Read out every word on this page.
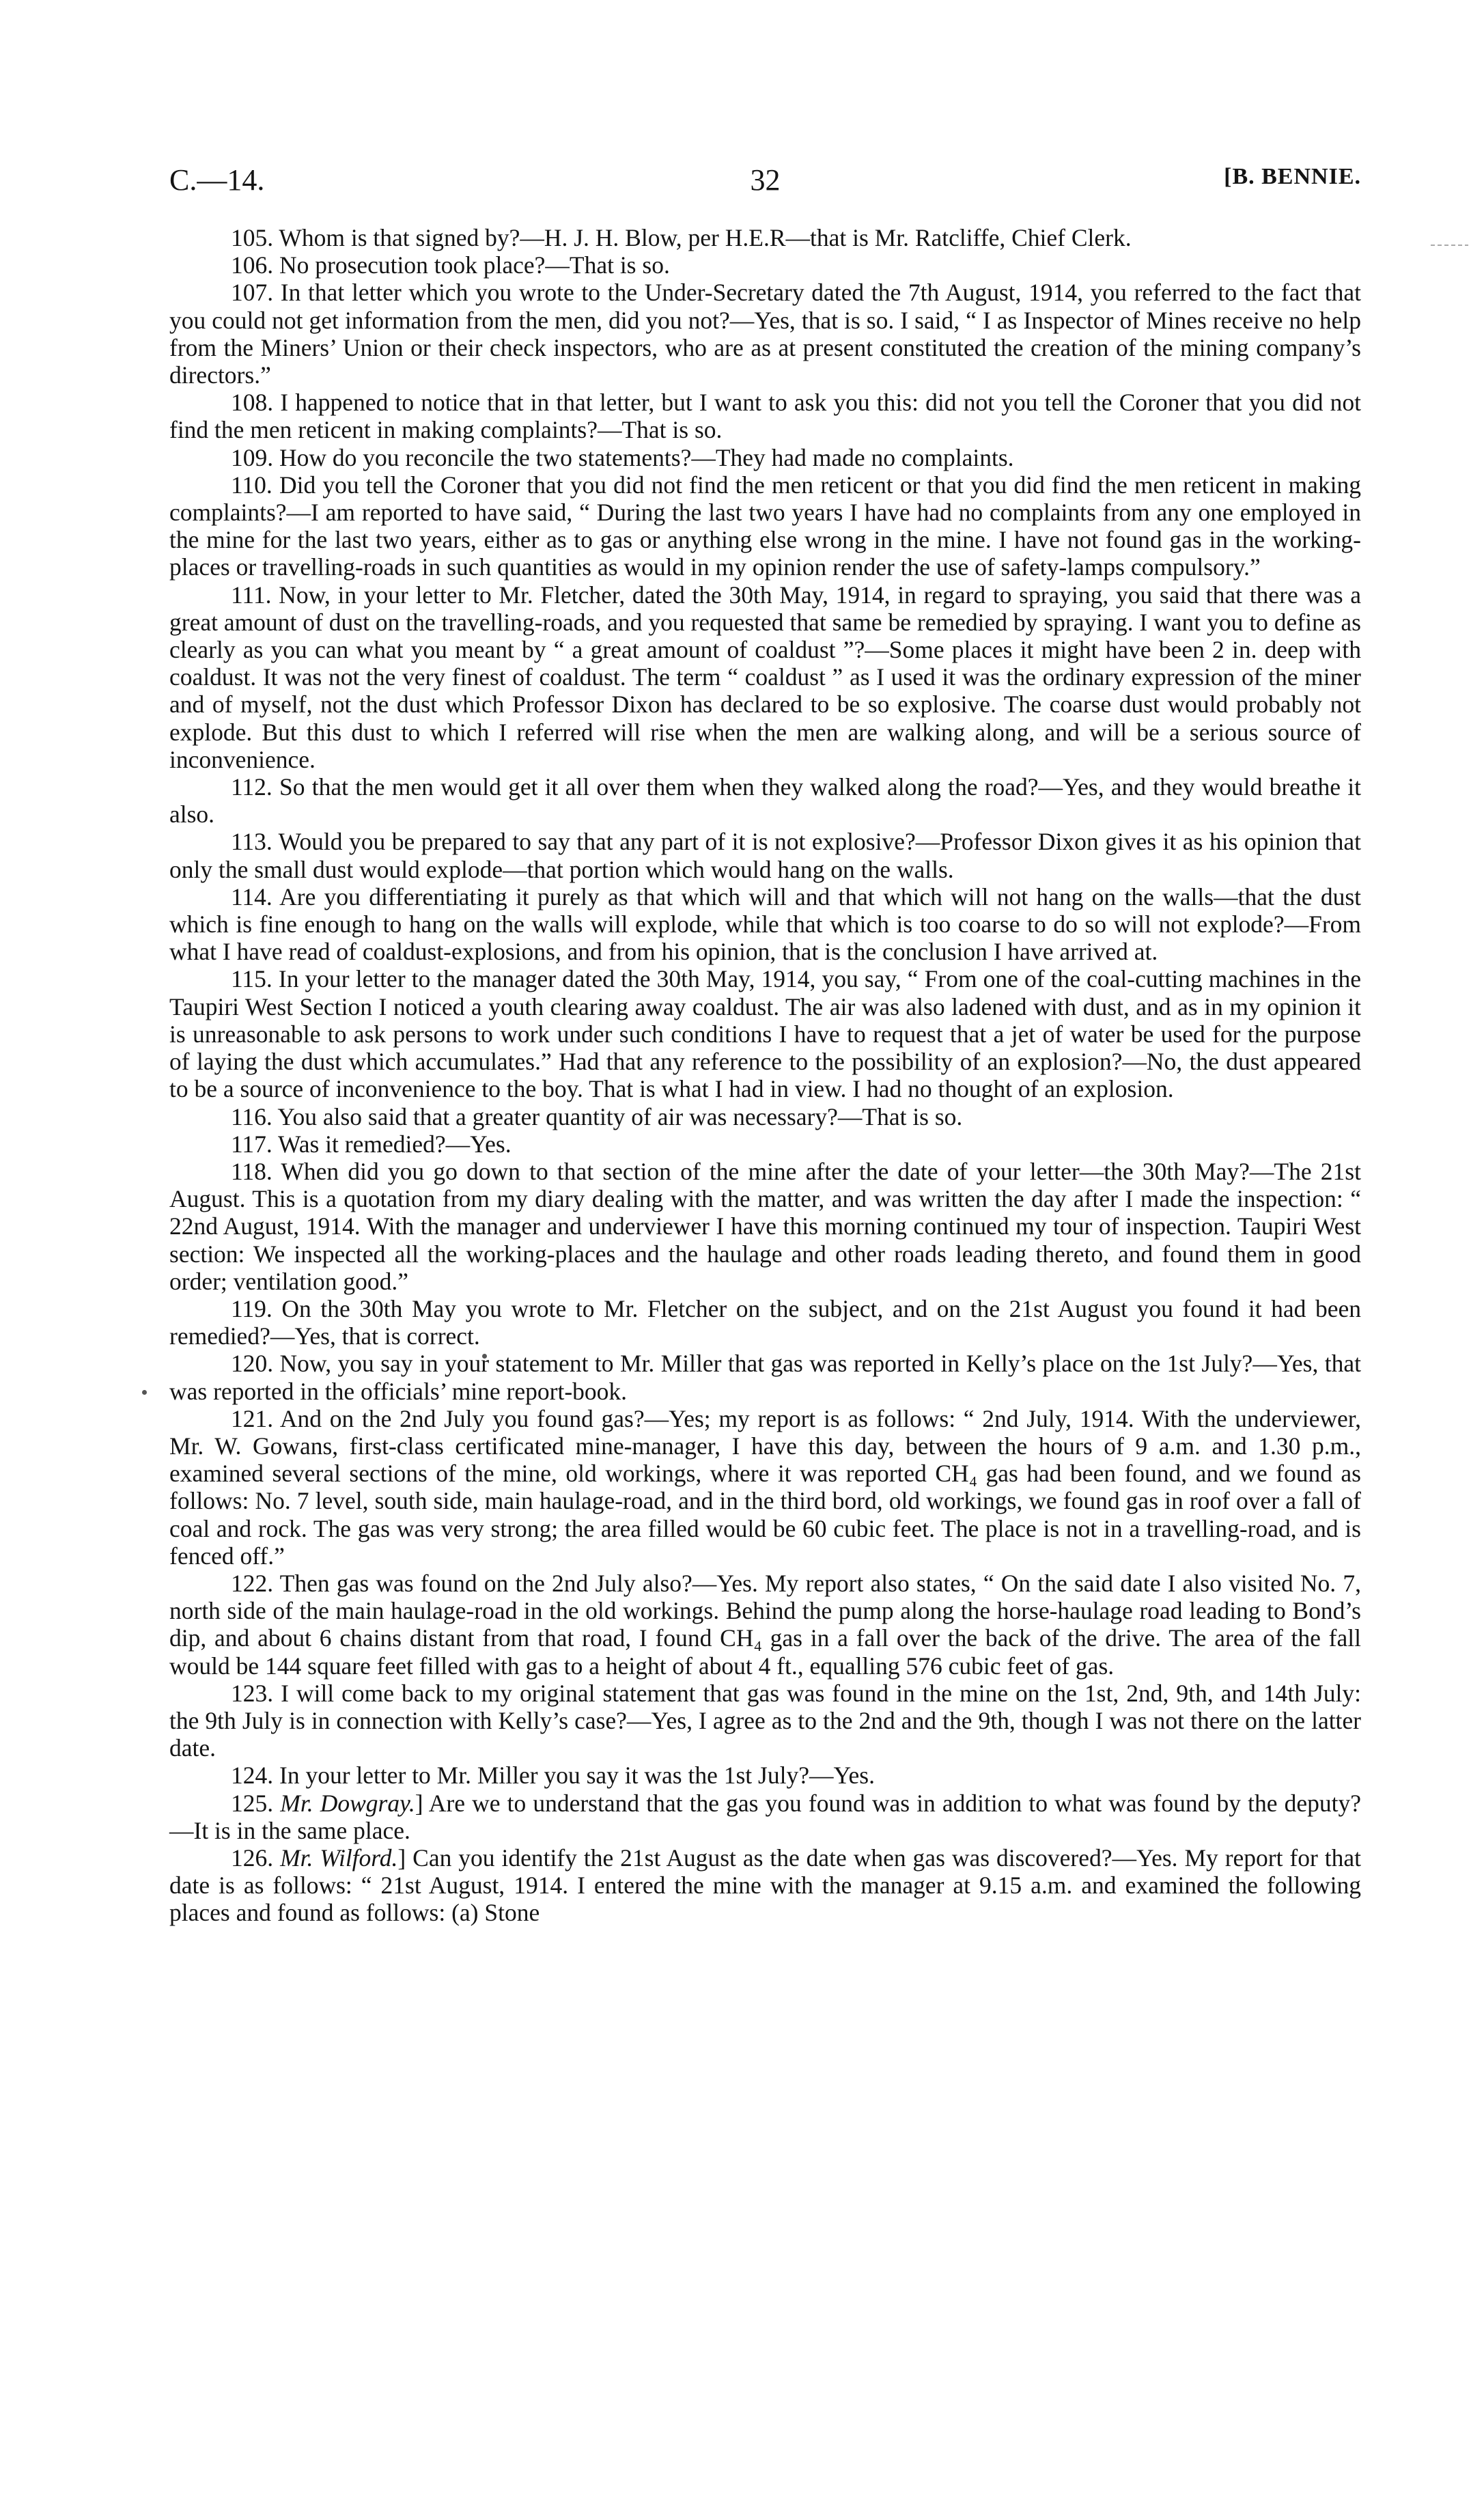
C.—14.	32	[B. BENNIE.

105. Whom is that signed by?—H. J. H. Blow, per H.E.R—that is Mr. Ratcliffe, Chief Clerk.

106. No prosecution took place?—That is so.

107. In that letter which you wrote to the Under-Secretary dated the 7th August, 1914, you referred to the fact that you could not get information from the men, did you not?—Yes, that is so. I said, “ I as Inspector of Mines receive no help from the Miners’ Union or their check inspectors, who are as at present constituted the creation of the mining company’s directors.”

108. I happened to notice that in that letter, but I want to ask you this: did not you tell the Coroner that you did not find the men reticent in making complaints?—That is so.

109. How do you reconcile the two statements?—They had made no complaints.

110. Did you tell the Coroner that you did not find the men reticent or that you did find the men reticent in making complaints?—I am reported to have said, “ During the last two years I have had no complaints from any one employed in the mine for the last two years, either as to gas or anything else wrong in the mine. I have not found gas in the working-places or travelling-roads in such quantities as would in my opinion render the use of safety-lamps compulsory.”

111. Now, in your letter to Mr. Fletcher, dated the 30th May, 1914, in regard to spraying, you said that there was a great amount of dust on the travelling-roads, and you requested that same be remedied by spraying. I want you to define as clearly as you can what you meant by “ a great amount of coaldust ”?—Some places it might have been 2 in. deep with coaldust. It was not the very finest of coaldust. The term “ coaldust ” as I used it was the ordinary expression of the miner and of myself, not the dust which Professor Dixon has declared to be so explosive. The coarse dust would probably not explode. But this dust to which I referred will rise when the men are walking along, and will be a serious source of inconvenience.

112. So that the men would get it all over them when they walked along the road?—Yes, and they would breathe it also.

113. Would you be prepared to say that any part of it is not explosive?—Professor Dixon gives it as his opinion that only the small dust would explode—that portion which would hang on the walls.

114. Are you differentiating it purely as that which will and that which will not hang on the walls—that the dust which is fine enough to hang on the walls will explode, while that which is too coarse to do so will not explode?—From what I have read of coaldust-explosions, and from his opinion, that is the conclusion I have arrived at.

115. In your letter to the manager dated the 30th May, 1914, you say, “ From one of the coal-cutting machines in the Taupiri West Section I noticed a youth clearing away coaldust. The air was also ladened with dust, and as in my opinion it is unreasonable to ask persons to work under such conditions I have to request that a jet of water be used for the purpose of laying the dust which accumulates.” Had that any reference to the possibility of an explosion?—No, the dust appeared to be a source of inconvenience to the boy. That is what I had in view. I had no thought of an explosion.

116. You also said that a greater quantity of air was necessary?—That is so.

117. Was it remedied?—Yes.

118. When did you go down to that section of the mine after the date of your letter—the 30th May?—The 21st August. This is a quotation from my diary dealing with the matter, and was written the day after I made the inspection: “ 22nd August, 1914. With the manager and underviewer I have this morning continued my tour of inspection. Taupiri West section: We inspected all the working-places and the haulage and other roads leading thereto, and found them in good order; ventilation good.”

119. On the 30th May you wrote to Mr. Fletcher on the subject, and on the 21st August you found it had been remedied?—Yes, that is correct.

120. Now, you say in your statement to Mr. Miller that gas was reported in Kelly’s place on the 1st July?—Yes, that was reported in the officials’ mine report-book.

121. And on the 2nd July you found gas?—Yes; my report is as follows: “ 2nd July, 1914. With the underviewer, Mr. W. Gowans, first-class certificated mine-manager, I have this day, between the hours of 9 a.m. and 1.30 p.m., examined several sections of the mine, old workings, where it was reported CH₄ gas had been found, and we found as follows: No. 7 level, south side, main haulage-road, and in the third bord, old workings, we found gas in roof over a fall of coal and rock. The gas was very strong; the area filled would be 60 cubic feet. The place is not in a travelling-road, and is fenced off.”

122. Then gas was found on the 2nd July also?—Yes. My report also states, “ On the said date I also visited No. 7, north side of the main haulage-road in the old workings. Behind the pump along the horse-haulage road leading to Bond’s dip, and about 6 chains distant from that road, I found CH₄ gas in a fall over the back of the drive. The area of the fall would be 144 square feet filled with gas to a height of about 4 ft., equalling 576 cubic feet of gas.

123. I will come back to my original statement that gas was found in the mine on the 1st, 2nd, 9th, and 14th July: the 9th July is in connection with Kelly’s case?—Yes, I agree as to the 2nd and the 9th, though I was not there on the latter date.

124. In your letter to Mr. Miller you say it was the 1st July?—Yes.

125. Mr. Dowgray.] Are we to understand that the gas you found was in addition to what was found by the deputy?—It is in the same place.

126. Mr. Wilford.] Can you identify the 21st August as the date when gas was discovered?—Yes. My report for that date is as follows: “ 21st August, 1914. I entered the mine with the manager at 9.15 a.m. and examined the following places and found as follows: (a) Stone
